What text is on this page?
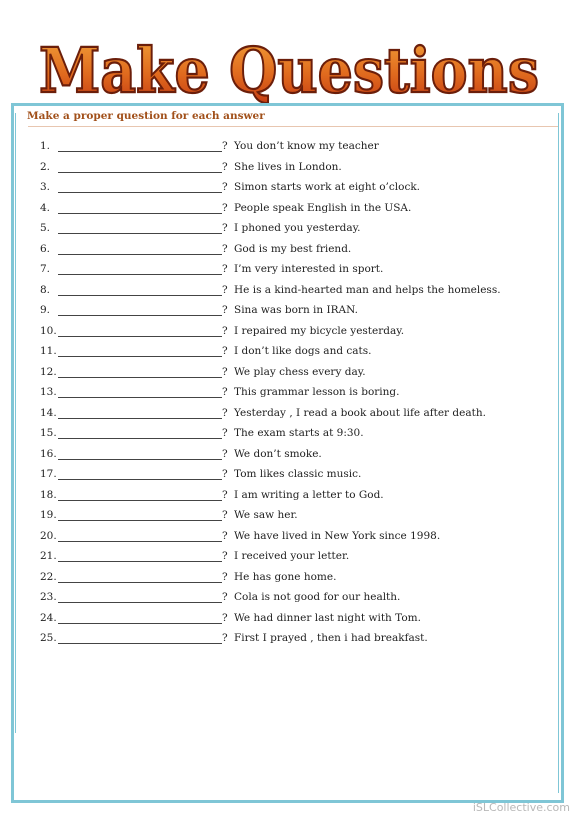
Make Questions
Make a proper question for each answer
1.	? You don’t know my teacher
2.	? She lives in London.
3.	? Simon starts work at eight o’clock.
4.	? People speak English in the USA.
5.	? I phoned you yesterday.
6.	? God is my best friend.
7.	? I’m very interested in sport.
8.	? He is a kind-hearted man and helps the homeless.
9.	? Sina was born in IRAN.
10.	? I repaired my bicycle yesterday.
11.	? I don’t like dogs and cats.
12.	? We play chess every day.
13.	? This grammar lesson is boring.
14.	? Yesterday , I read a book about life after death.
15.	? The exam starts at 9:30.
16.	? We don’t smoke.
17.	? Tom likes classic music.
18.	? I am writing a letter to God.
19.	? We saw her.
20.	? We have lived in New York since 1998.
21.	? I received your letter.
22.	? He has gone home.
23.	? Cola is not good for our health.
24.	? We had dinner last night with Tom.
25.	? First I prayed , then i had breakfast.
iSLCollective.com
